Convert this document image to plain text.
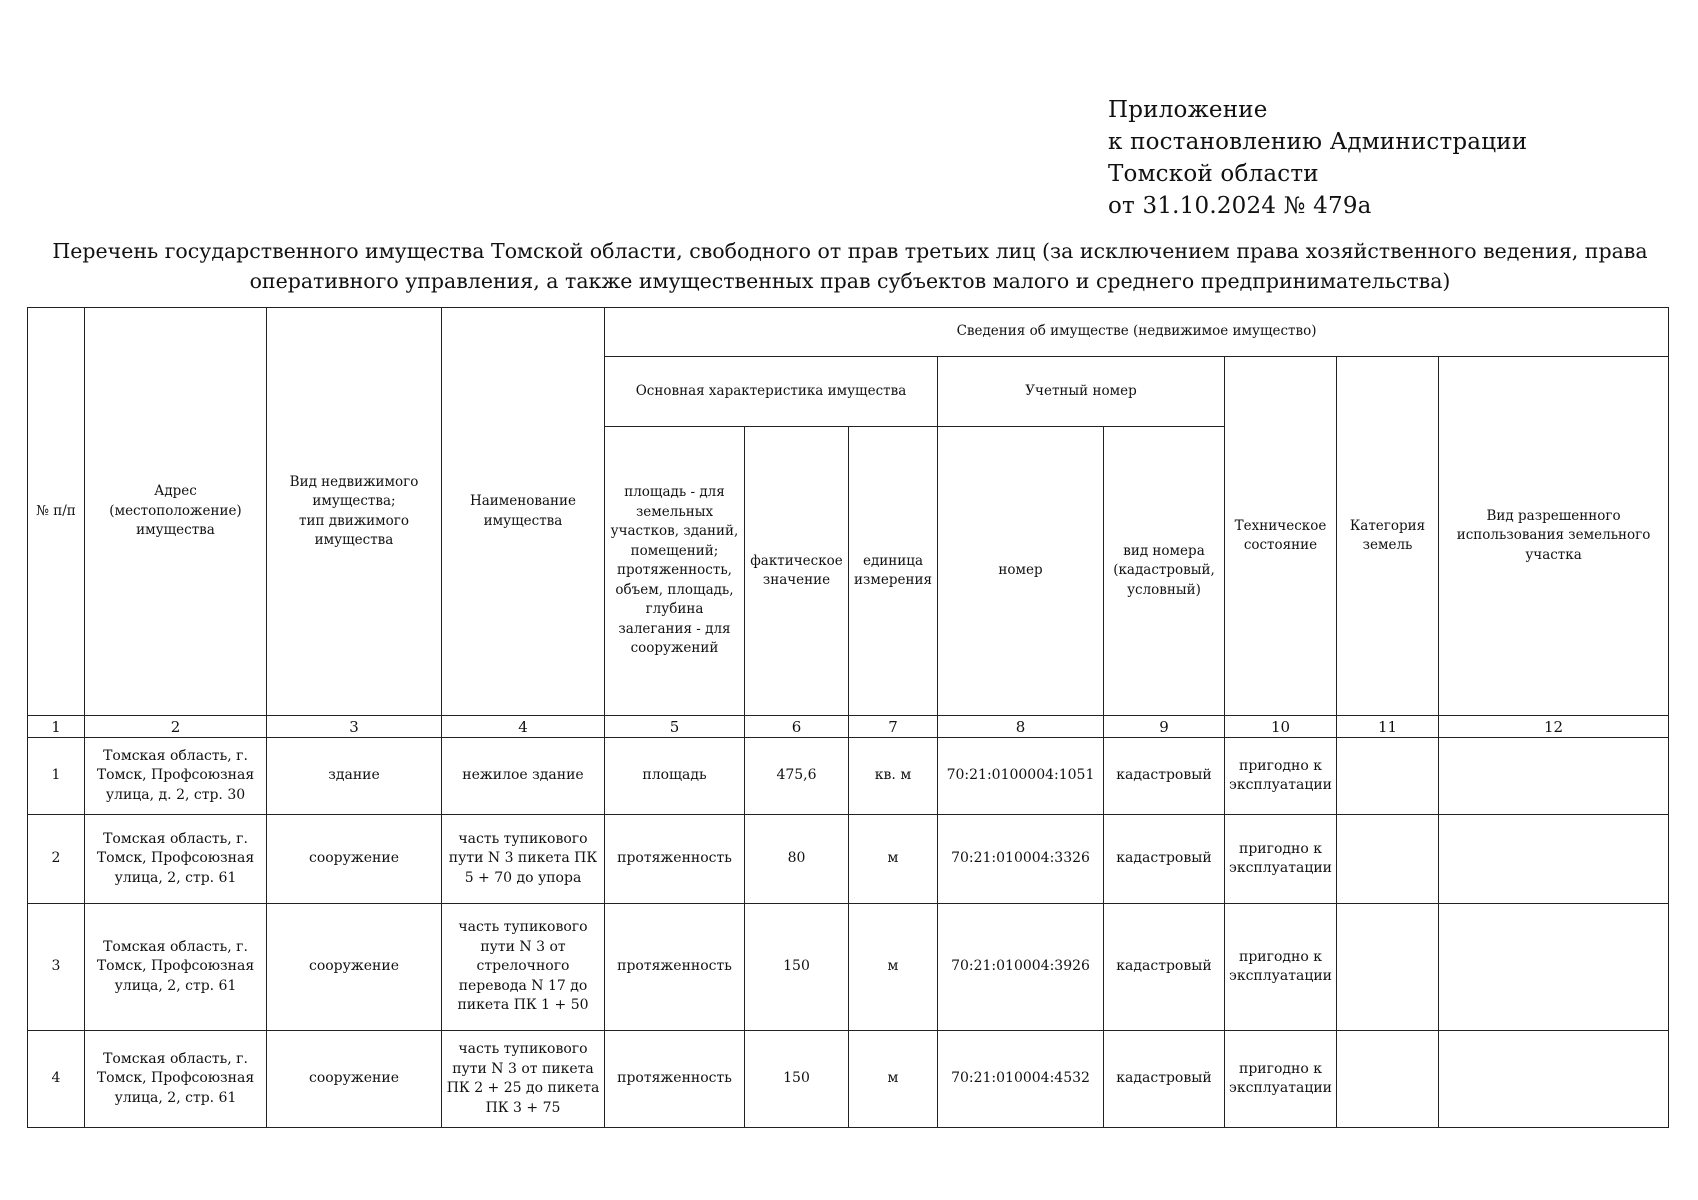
Приложение
к постановлению Администрации
Томской области
от 31.10.2024 № 479а
Перечень государственного имущества Томской области, свободного от прав третьих лиц (за исключением права хозяйственного ведения, права
оперативного управления, а также имущественных прав субъектов малого и среднего предпринимательства)
№ п/п	Адрес (местоположение) имущества	Вид недвижимого имущества;
тип движимого имущества	Наименование имущества	Сведения об имуществе (недвижимое имущество)							
				Основная характеристика имущества			Учетный номер		Техническое состояние	Категория земель	Вид разрешенного использования земельного участка
				площадь - для земельных участков, зданий, помещений; протяженность, объем, площадь, глубина залегания - для сооружений	фактическое значение	единица измерения	номер	вид номера (кадастровый, условный)			
1	2	3	4	5	6	7	8	9	10	11	12
1	Томская область, г. Томск, Профсоюзная улица, д. 2, стр. 30	здание	нежилое здание	площадь	475,6	кв. м	70:21:0100004:1051	кадастровый	пригодно к эксплуатации		
2	Томская область, г. Томск, Профсоюзная улица, 2, стр. 61	сооружение	часть тупикового пути N 3 пикета ПК 5 + 70 до упора	протяженность	80	м	70:21:010004:3326	кадастровый	пригодно к эксплуатации		
3	Томская область, г. Томск, Профсоюзная улица, 2, стр. 61	сооружение	часть тупикового пути N 3 от стрелочного перевода N 17 до пикета ПК 1 + 50	протяженность	150	м	70:21:010004:3926	кадастровый	пригодно к эксплуатации		
4	Томская область, г. Томск, Профсоюзная улица, 2, стр. 61	сооружение	часть тупикового пути N 3 от пикета ПК 2 + 25 до пикета ПК 3 + 75	протяженность	150	м	70:21:010004:4532	кадастровый	пригодно к эксплуатации		
